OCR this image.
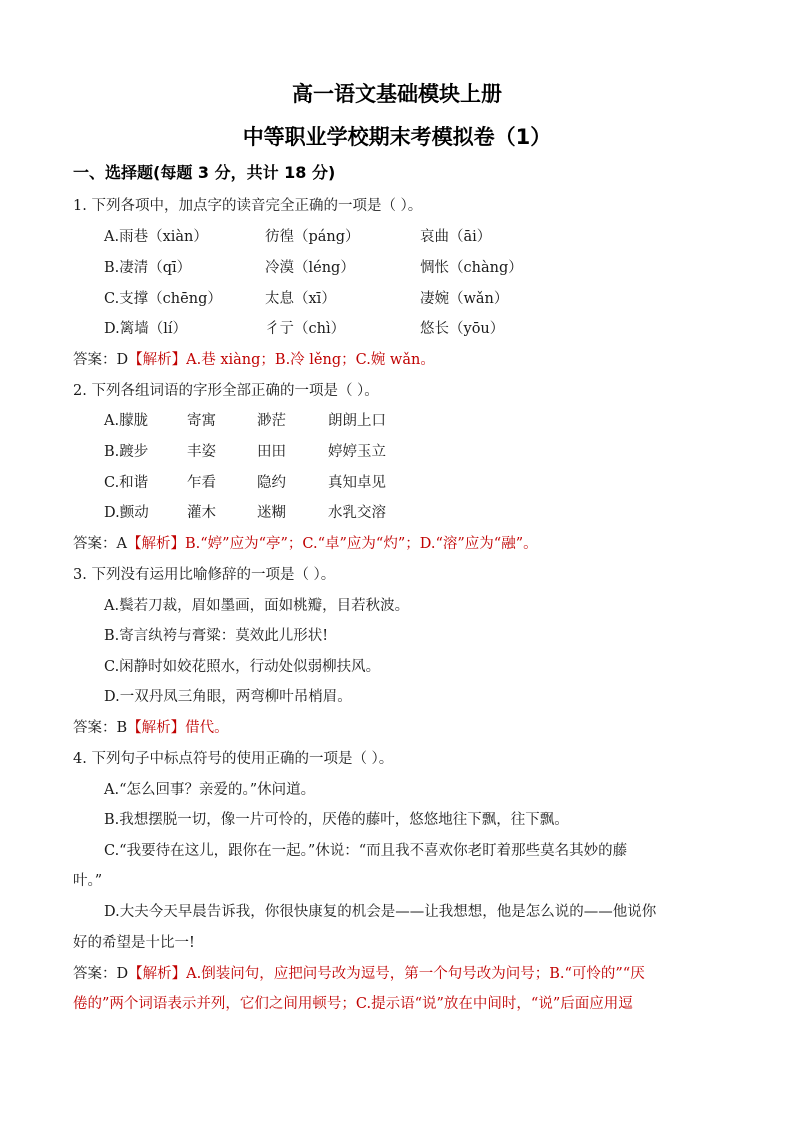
高一语文基础模块上册
中等职业学校期末考模拟卷（1）
一、选择题(每题 3 分，共计 18 分)
1. 下列各项中，加点字的读音完全正确的一项是（ ）。
A.雨巷（xiàn）	彷徨（páng）	哀曲（āi）
B.凄清（qī）	冷漠（léng）	惆怅（chàng）
C.支撑（chēng）	太息（xī）	凄婉（wǎn）
D.篱墙（lí）	彳亍（chì）	悠长（yōu）
答案：D【解析】A.巷 xiàng；B.冷 lěng；C.婉 wǎn。
2. 下列各组词语的字形全部正确的一项是（ ）。
A.朦胧	寄寓	渺茫	朗朗上口
B.踱步	丰姿	田田	婷婷玉立
C.和谐	乍看	隐约	真知卓见
D.颤动	灌木	迷糊	水乳交溶
答案：A【解析】B.“婷”应为“亭”；C.“卓”应为“灼”；D.“溶”应为“融”。
3. 下列没有运用比喻修辞的一项是（ ）。
A.鬓若刀裁，眉如墨画，面如桃瓣，目若秋波。
B.寄言纨袴与膏粱：莫效此儿形状!
C.闲静时如姣花照水，行动处似弱柳扶风。
D.一双丹凤三角眼，两弯柳叶吊梢眉。
答案：B【解析】借代。
4. 下列句子中标点符号的使用正确的一项是（ ）。
A.“怎么回事？亲爱的。”休问道。
B.我想摆脱一切，像一片可怜的，厌倦的藤叶，悠悠地往下飘，往下飘。
C.“我要待在这儿，跟你在一起。”休说：“而且我不喜欢你老盯着那些莫名其妙的藤
叶。”
D.大夫今天早晨告诉我，你很快康复的机会是——让我想想，他是怎么说的——他说你
好的希望是十比一!
答案：D【解析】A.倒装问句，应把问号改为逗号，第一个句号改为问号；B.“可怜的”“厌
倦的”两个词语表示并列，它们之间用顿号；C.提示语“说”放在中间时，“说”后面应用逗
